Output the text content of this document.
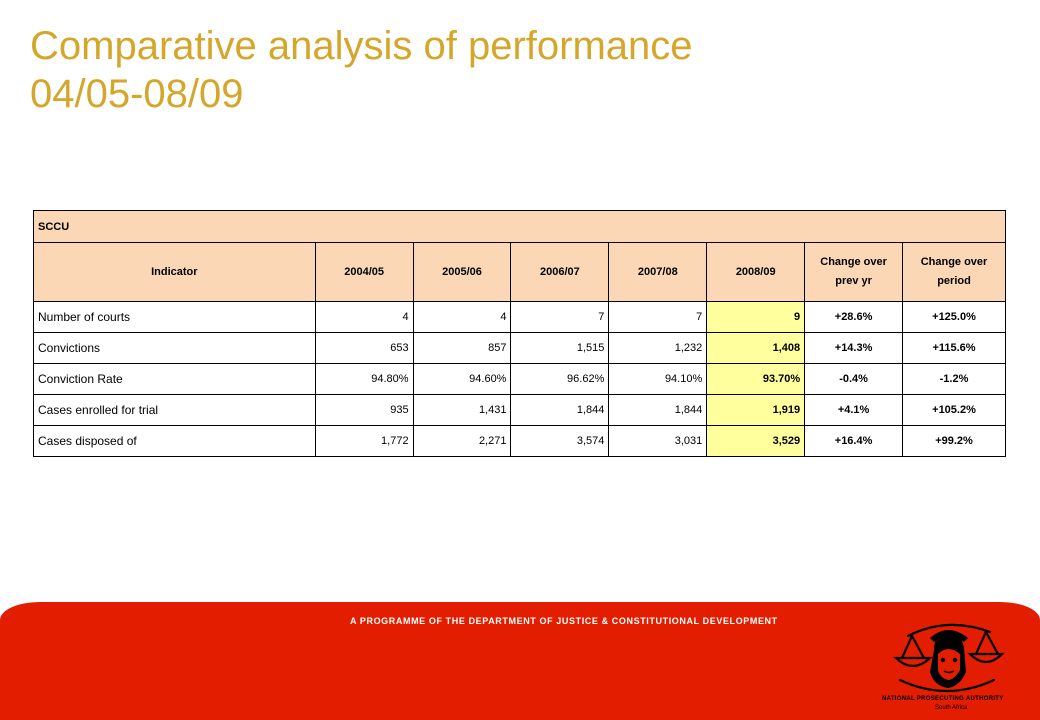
Comparative analysis of performance
04/05-08/09
SCCU							
Indicator	2004/05	2005/06	2006/07	2007/08	2008/09	Change over prev yr	Change over period
Number of courts	4	4	7	7	9	+28.6%	+125.0%
Convictions	653	857	1,515	1,232	1,408	+14.3%	+115.6%
Conviction Rate	94.80%	94.60%	96.62%	94.10%	93.70%	-0.4%	-1.2%
Cases enrolled for trial	935	1,431	1,844	1,844	1,919	+4.1%	+105.2%
Cases disposed of	1,772	2,271	3,574	3,031	3,529	+16.4%	+99.2%
A PROGRAMME OF THE DEPARTMENT OF JUSTICE & CONSTITUTIONAL DEVELOPMENT
NATIONAL PROSECUTING AUTHORITY
South Africa
